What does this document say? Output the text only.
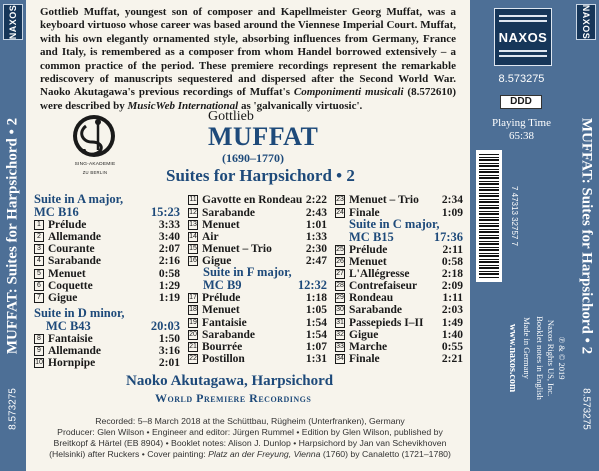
NAXOS
MUFFAT: Suites for Harpsichord • 2
8.573275
NAXOS
MUFFAT: Suites for Harpsichord • 2
8.573275

Gottlieb Muffat, youngest son of composer and Kapellmeister Georg Muffat, was a keyboard virtuoso whose career was based around the Viennese Imperial Court. Muffat, with his own elegantly ornamented style, absorbing influences from Germany, France and Italy, is remembered as a composer from whom Handel borrowed extensively – a common practice of the period. These premiere recordings represent the remarkable rediscovery of manuscripts sequestered and dispersed after the Second World War. Naoko Akutagawa's previous recordings of Muffat's Componimenti musicali (8.572610) were described by MusicWeb International as 'galvanically virtuosic'.

NAXOS
8.573275
DDD
Playing Time
65:38
7 47313 32757 7
℗ & © 2019
Naxos Rights US, Inc.
Booklet notes in English
Made in Germany
www.naxos.com
SING-AKADEMIE
ZU BERLIN
Gottlieb
MUFFAT
(1690–1770)
Suites for Harpsichord • 2
Suite in A major,
MC B16	15:23
1 Prélude	3:33
2 Allemande	3:40
3 Courante	2:07
4 Sarabande	2:16
5 Menuet	0:58
6 Coquette	1:29
7 Gigue	1:19
Suite in D minor,
MC B43	20:03
8 Fantaisie	1:50
9 Allemande	3:16
10 Hornpipe	2:01
11 Gavotte en Rondeau 2:22
12 Sarabande	2:43
13 Menuet	1:01
14 Air	1:33
15 Menuet – Trio	2:30
16 Gigue	2:47
Suite in F major,
MC B9	12:32
17 Prélude	1:18
18 Menuet	1:05
19 Fantaisie	1:54
20 Sarabande	1:54
21 Bourrée	1:07
22 Postillon	1:31
23 Menuet – Trio 2:34
24 Finale	1:09
Suite in C major,
MC B15	17:36
25 Prélude	2:11
26 Menuet	0:58
27 L'Allégresse	2:18
28 Contrefaiseur 2:09
29 Rondeau	1:11
30 Sarabande	2:03
31 Passepieds I–II 1:49
32 Gigue	1:40
33 Marche	0:55
34 Finale	2:21
Naoko Akutagawa, Harpsichord
World Premiere Recordings
Recorded: 5–8 March 2018 at the Schüttbau, Rügheim (Unterfranken), Germany
Producer: Glen Wilson • Engineer and editor: Jürgen Rummel • Edition by Glen Wilson, published by
Breitkopf & Härtel (EB 8904) • Booklet notes: Alison J. Dunlop • Harpsichord by Jan van Schevikhoven
(Helsinki) after Ruckers • Cover painting: Platz an der Freyung, Vienna (1760) by Canaletto (1721–1780)
